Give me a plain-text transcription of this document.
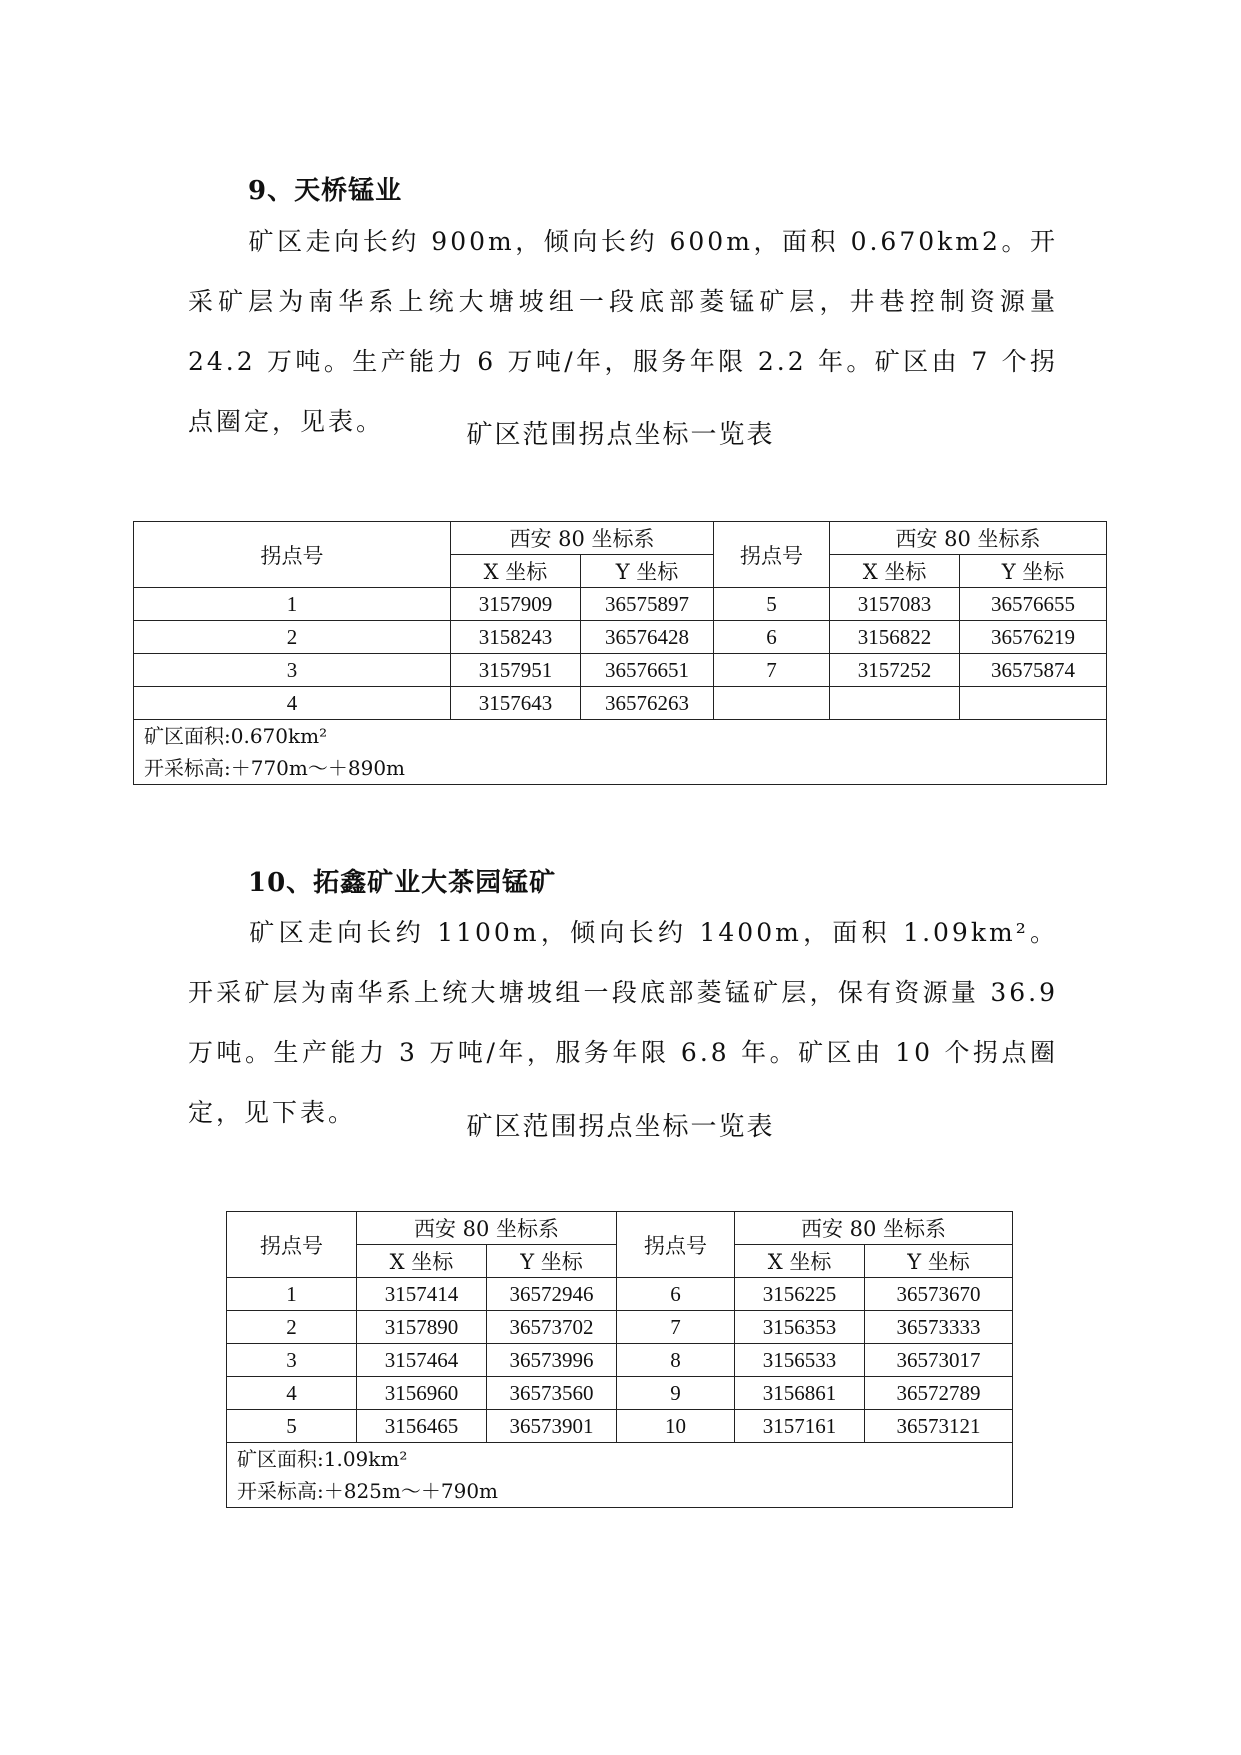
9、天桥锰业

矿区走向长约 900m，倾向长约 600m，面积 0.670km2。开采矿层为南华系上统大塘坡组一段底部菱锰矿层，井巷控制资源量 24.2 万吨。生产能力 6 万吨/年，服务年限 2.2 年。矿区由 7 个拐点圈定，见表。	矿区范围拐点坐标一览表
拐点号	西安 80 坐标系		拐点号	西安 80 坐标系	
	X 坐标	Y 坐标		X 坐标	Y 坐标
1	3157909	36575897	5	3157083	36576655
2	3158243	36576428	6	3156822	36576219
3	3157951	36576651	7	3157252	36575874
4	3157643	36576263			

矿区面积:0.670km²
开采标高:＋770m～＋890m					
10、拓鑫矿业大茶园锰矿

矿区走向长约 1100m，倾向长约 1400m，面积 1.09km²。开采矿层为南华系上统大塘坡组一段底部菱锰矿层，保有资源量 36.9 万吨。生产能力 3 万吨/年，服务年限 6.8 年。矿区由 10 个拐点圈定，见下表。	矿区范围拐点坐标一览表
拐点号	西安 80 坐标系		拐点号	西安 80 坐标系	
	X 坐标	Y 坐标		X 坐标	Y 坐标
1	3157414	36572946	6	3156225	36573670
2	3157890	36573702	7	3156353	36573333
3	3157464	36573996	8	3156533	36573017
4	3156960	36573560	9	3156861	36572789
5	3156465	36573901	10	3157161	36573121

矿区面积:1.09km²
开采标高:＋825m～＋790m					
